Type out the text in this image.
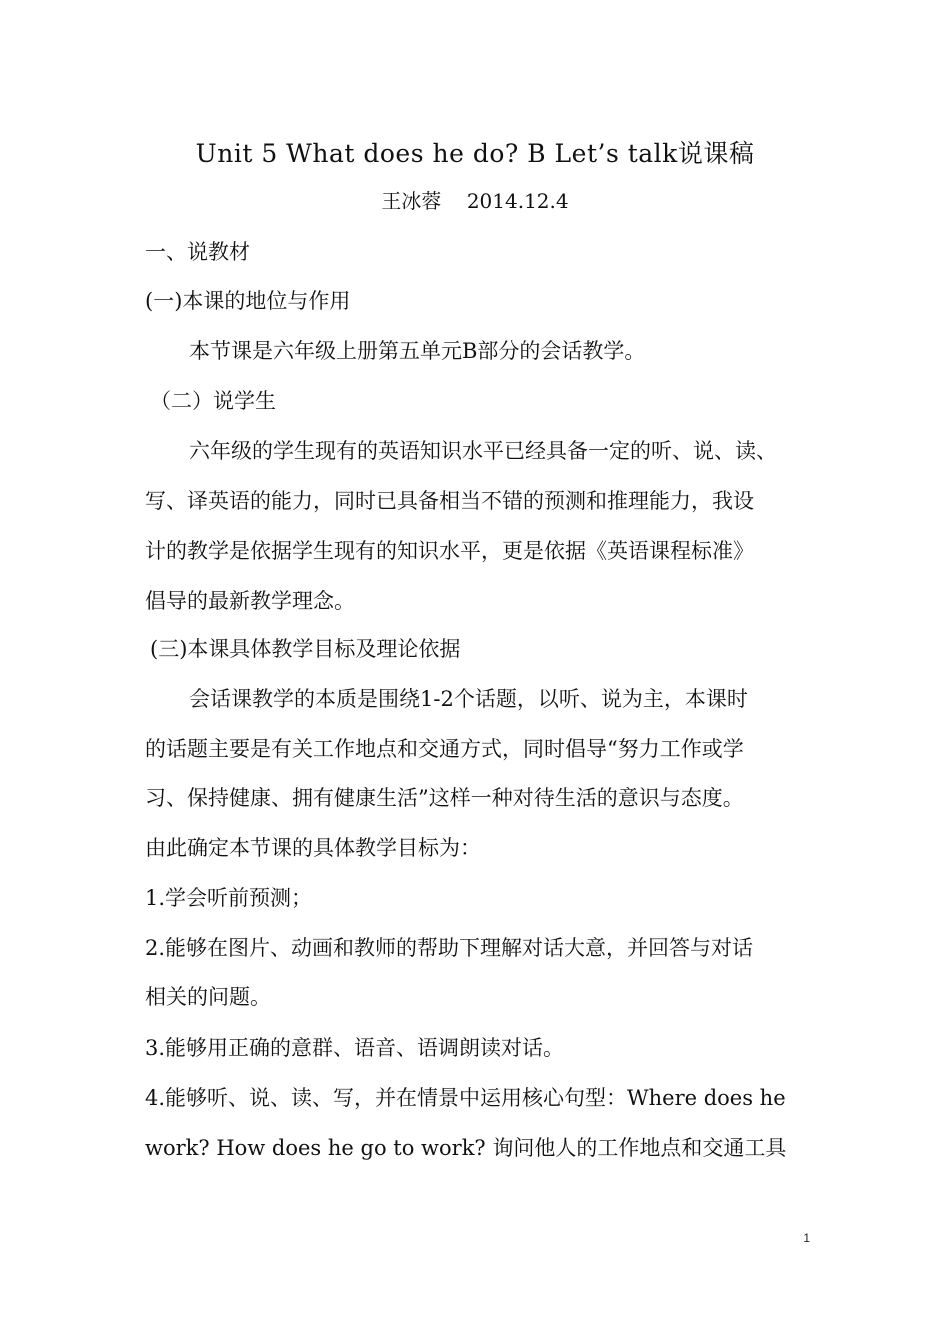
Unit 5 What does he do? B Let’s talk说课稿
王冰蓉    2014.12.4
一、说教材
(一)本课的地位与作用
本节课是六年级上册第五单元B部分的会话教学。
（二）说学生
六年级的学生现有的英语知识水平已经具备一定的听、说、读、
写、译英语的能力，同时已具备相当不错的预测和推理能力，我设
计的教学是依据学生现有的知识水平，更是依据《英语课程标准》
倡导的最新教学理念。
(三)本课具体教学目标及理论依据
会话课教学的本质是围绕1-2个话题，以听、说为主，本课时
的话题主要是有关工作地点和交通方式，同时倡导“努力工作或学
习、保持健康、拥有健康生活”这样一种对待生活的意识与态度。
由此确定本节课的具体教学目标为：
1.学会听前预测；
2.能够在图片、动画和教师的帮助下理解对话大意，并回答与对话
相关的问题。
3.能够用正确的意群、语音、语调朗读对话。
4.能够听、说、读、写，并在情景中运用核心句型：Where does he
work? How does he go to work? 询问他人的工作地点和交通工具
1
